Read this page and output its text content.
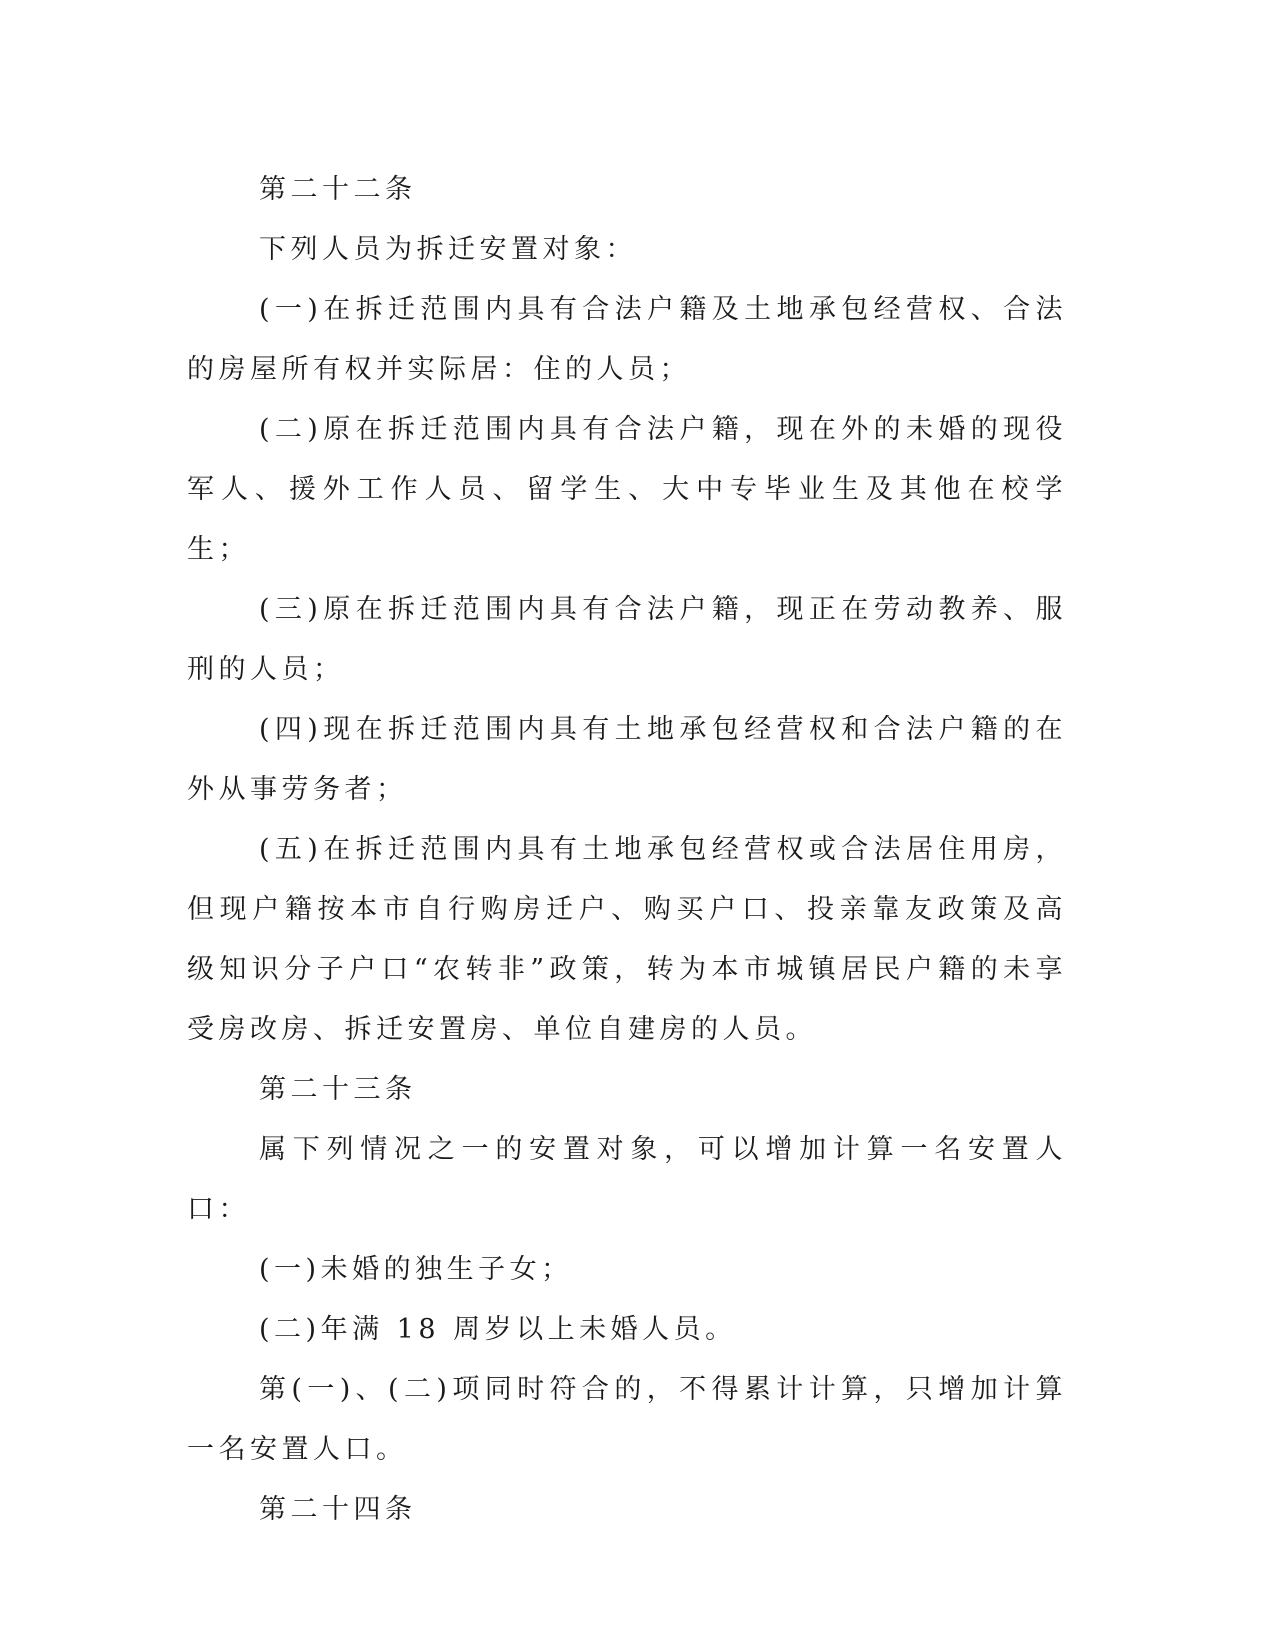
第二十二条

下列人员为拆迁安置对象：

(一)在拆迁范围内具有合法户籍及土地承包经营权、合法的房屋所有权并实际居：住的人员；

(二)原在拆迁范围内具有合法户籍，现在外的未婚的现役军人、援外工作人员、留学生、大中专毕业生及其他在校学生；

(三)原在拆迁范围内具有合法户籍，现正在劳动教养、服刑的人员；

(四)现在拆迁范围内具有土地承包经营权和合法户籍的在外从事劳务者；

(五)在拆迁范围内具有土地承包经营权或合法居住用房，但现户籍按本市自行购房迁户、购买户口、投亲靠友政策及高级知识分子户口“农转非”政策，转为本市城镇居民户籍的未享受房改房、拆迁安置房、单位自建房的人员。

第二十三条

属下列情况之一的安置对象，可以增加计算一名安置人口：

(一)未婚的独生子女；

(二)年满 18 周岁以上未婚人员。

第(一)、(二)项同时符合的，不得累计计算，只增加计算一名安置人口。

第二十四条
